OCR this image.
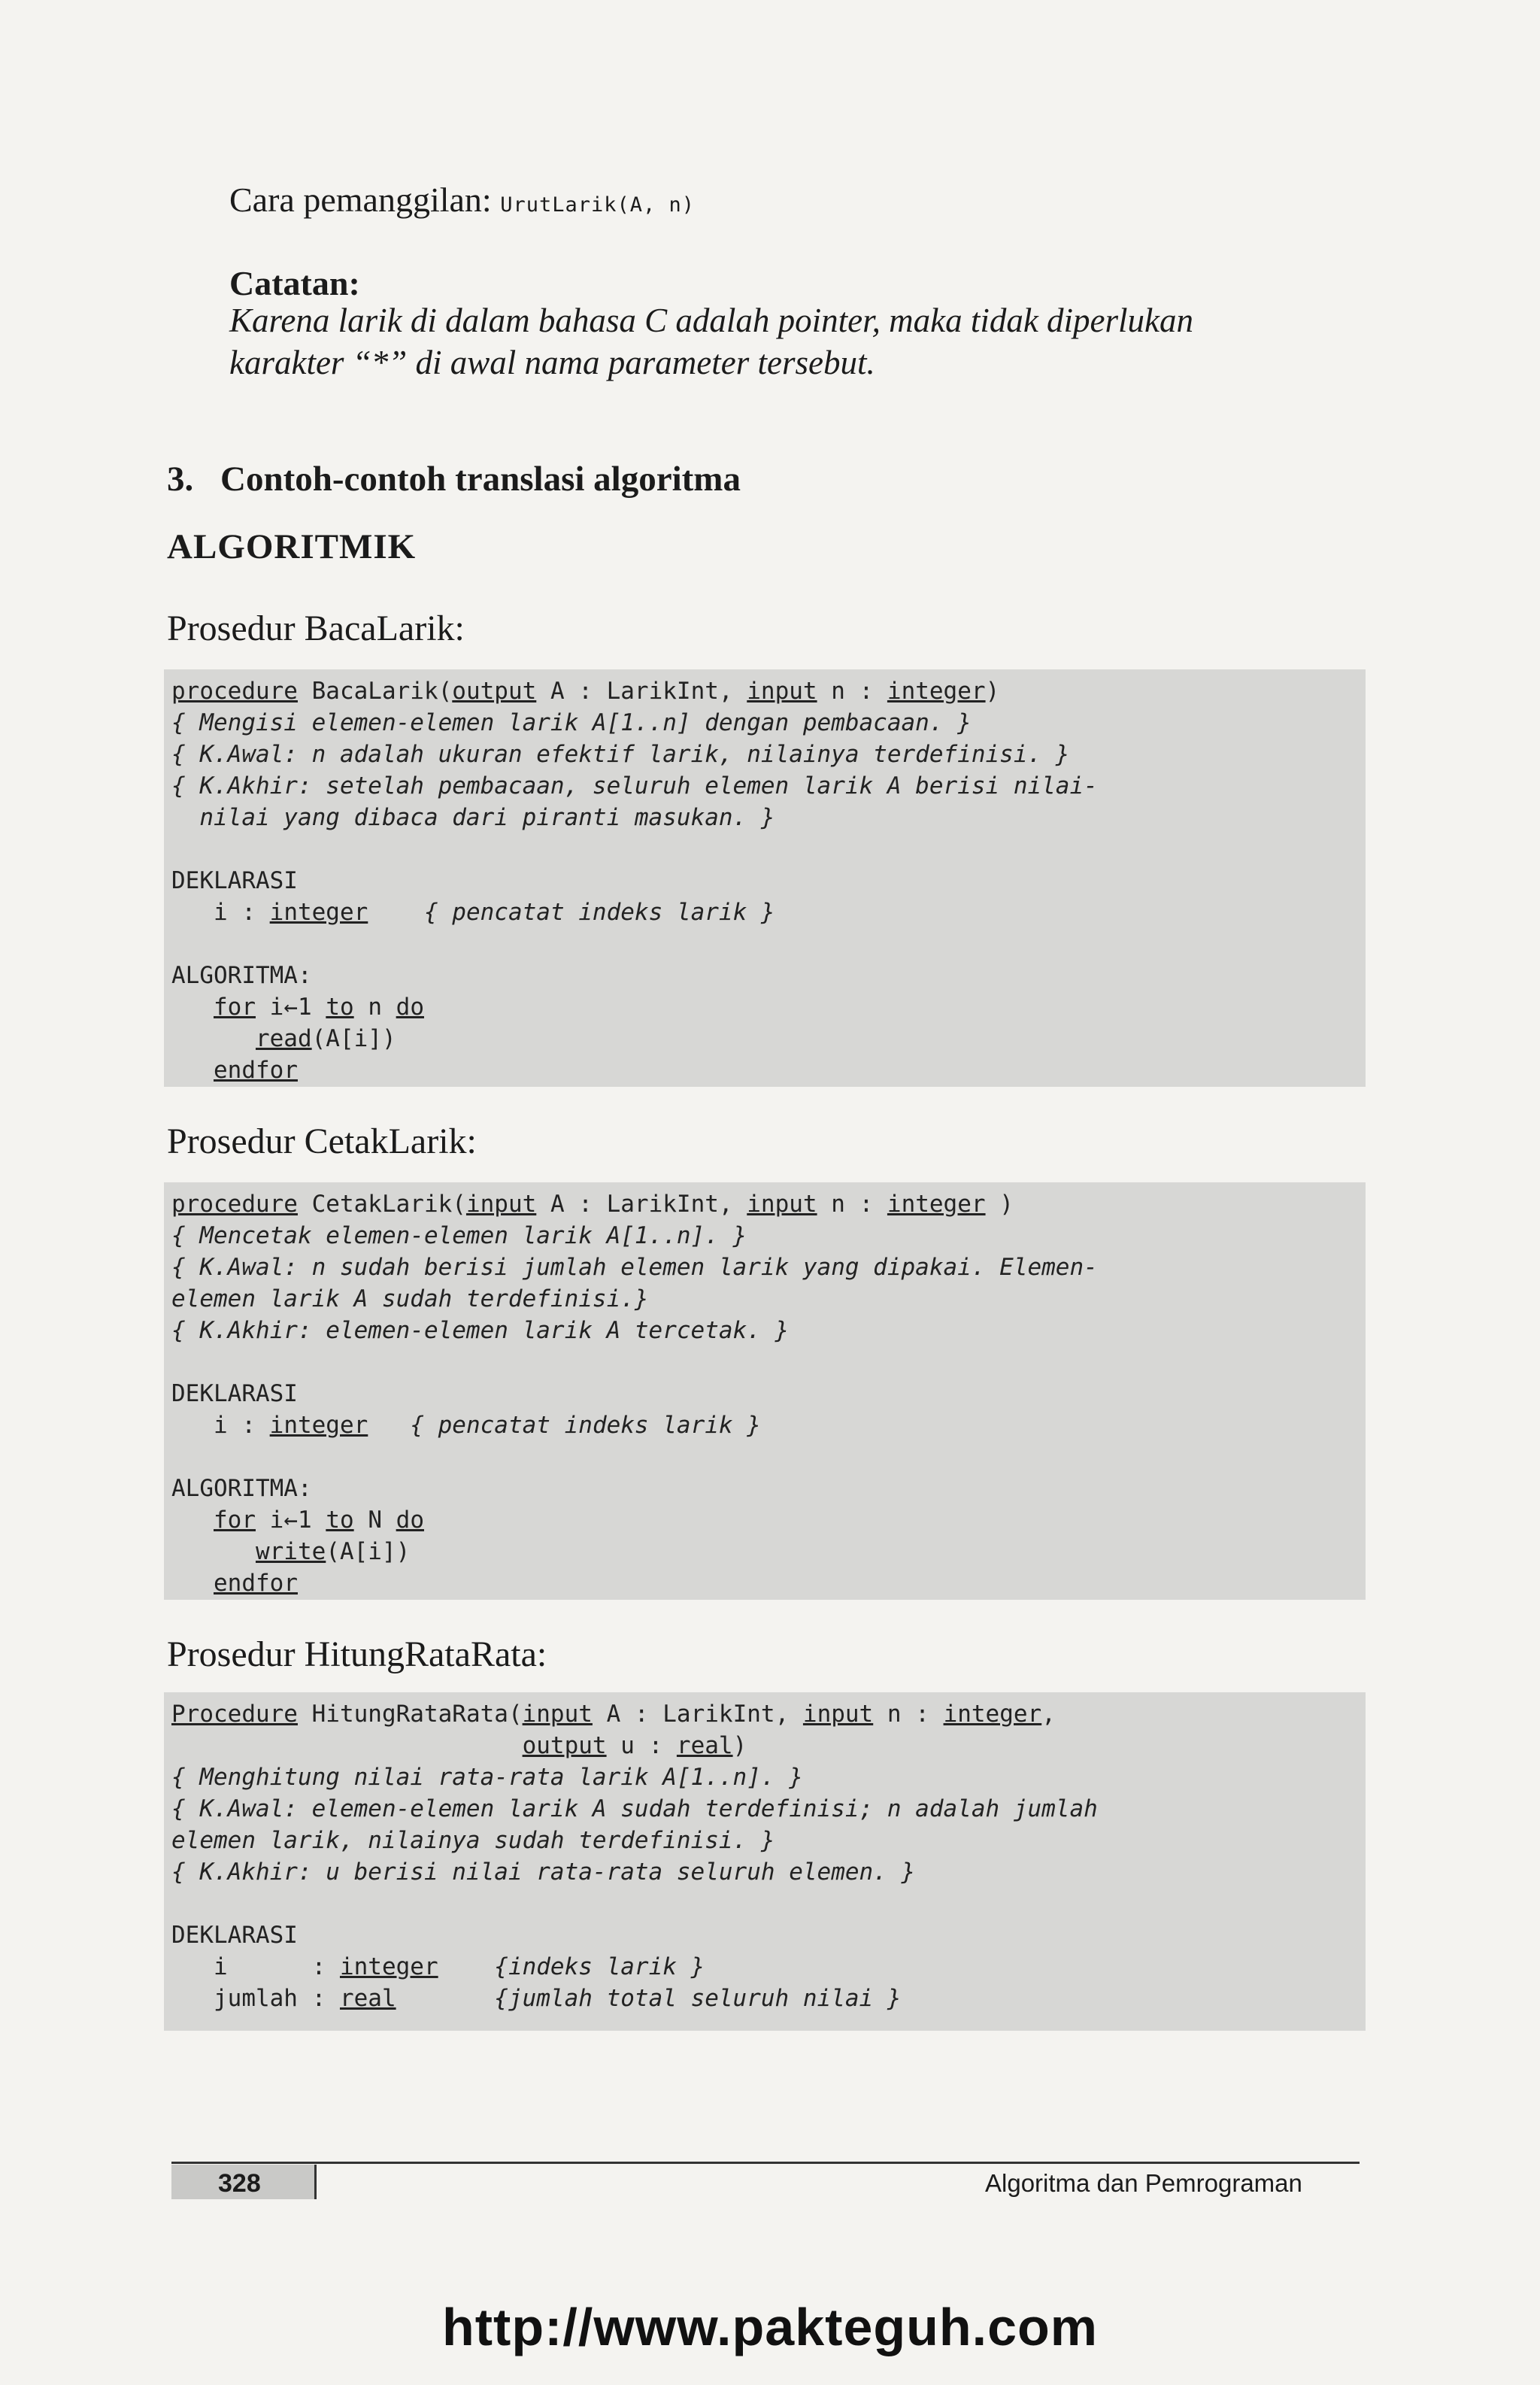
Cara pemanggilan: UrutLarik(A, n)
Catatan:
Karena larik di dalam bahasa C adalah pointer, maka tidak diperlukan
karakter “*” di awal nama parameter tersebut.
3. Contoh-contoh translasi algoritma
ALGORITMIK
Prosedur BacaLarik:
procedure BacaLarik(output A : LarikInt, input n : integer)
{ Mengisi elemen-elemen larik A[1..n] dengan pembacaan. }
{ K.Awal: n adalah ukuran efektif larik, nilainya terdefinisi. }
{ K.Akhir: setelah pembacaan, seluruh elemen larik A berisi nilai-
nilai yang dibaca dari piranti masukan. }
DEKLARASI
i : integer { pencatat indeks larik }
ALGORITMA:
for i←1 to n do
read(A[i])
endfor
Prosedur CetakLarik:
procedure CetakLarik(input A : LarikInt, input n : integer )
{ Mencetak elemen-elemen larik A[1..n]. }
{ K.Awal: n sudah berisi jumlah elemen larik yang dipakai. Elemen-
elemen larik A sudah terdefinisi.}
{ K.Akhir: elemen-elemen larik A tercetak. }
DEKLARASI
i : integer { pencatat indeks larik }
ALGORITMA:
for i←1 to N do
write(A[i])
endfor
Prosedur HitungRataRata:
Procedure HitungRataRata(input A : LarikInt, input n : integer,
output u : real)
{ Menghitung nilai rata-rata larik A[1..n]. }
{ K.Awal: elemen-elemen larik A sudah terdefinisi; n adalah jumlah
elemen larik, nilainya sudah terdefinisi. }
{ K.Akhir: u berisi nilai rata-rata seluruh elemen. }
DEKLARASI
i      : integer {indeks larik }
jumlah : real	{jumlah total seluruh nilai }
328	Algoritma dan Pemrograman
http://www.pakteguh.com
